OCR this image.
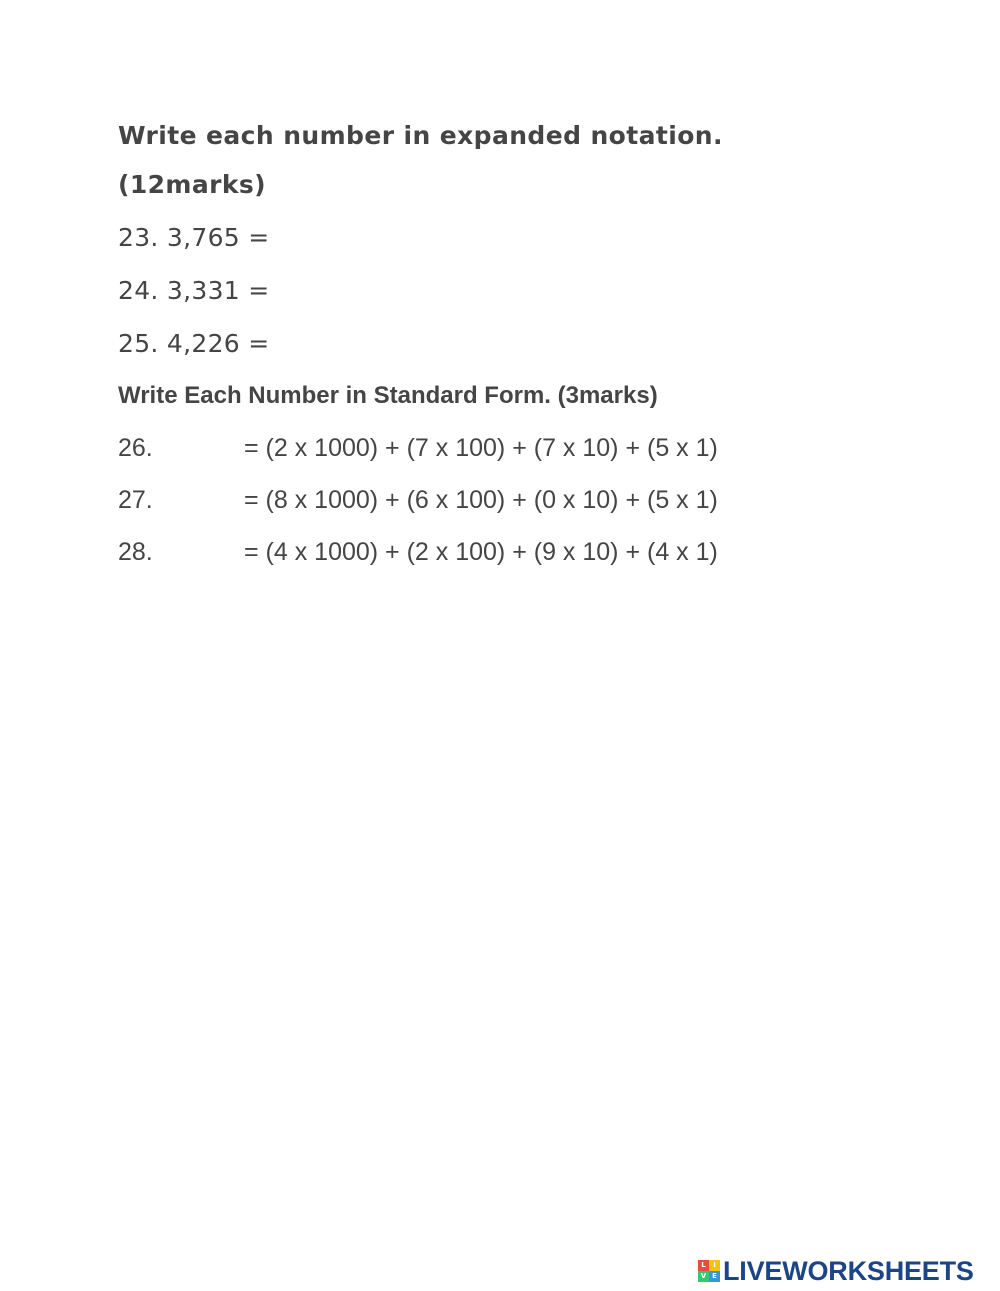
Write each number in expanded notation.
(12marks)
23. 3,765 =
24. 3,331 =
25. 4,226 =
Write Each Number in Standard Form. (3marks)
26.	= (2 x 1000) + (7 x 100) + (7 x 10) + (5 x 1)
27.	= (8 x 1000) + (6 x 100) + (0 x 10) + (5 x 1)
28.	= (4 x 1000) + (2 x 100) + (9 x 10) + (4 x 1)
L	I
V E LIVEWORKSHEETS
